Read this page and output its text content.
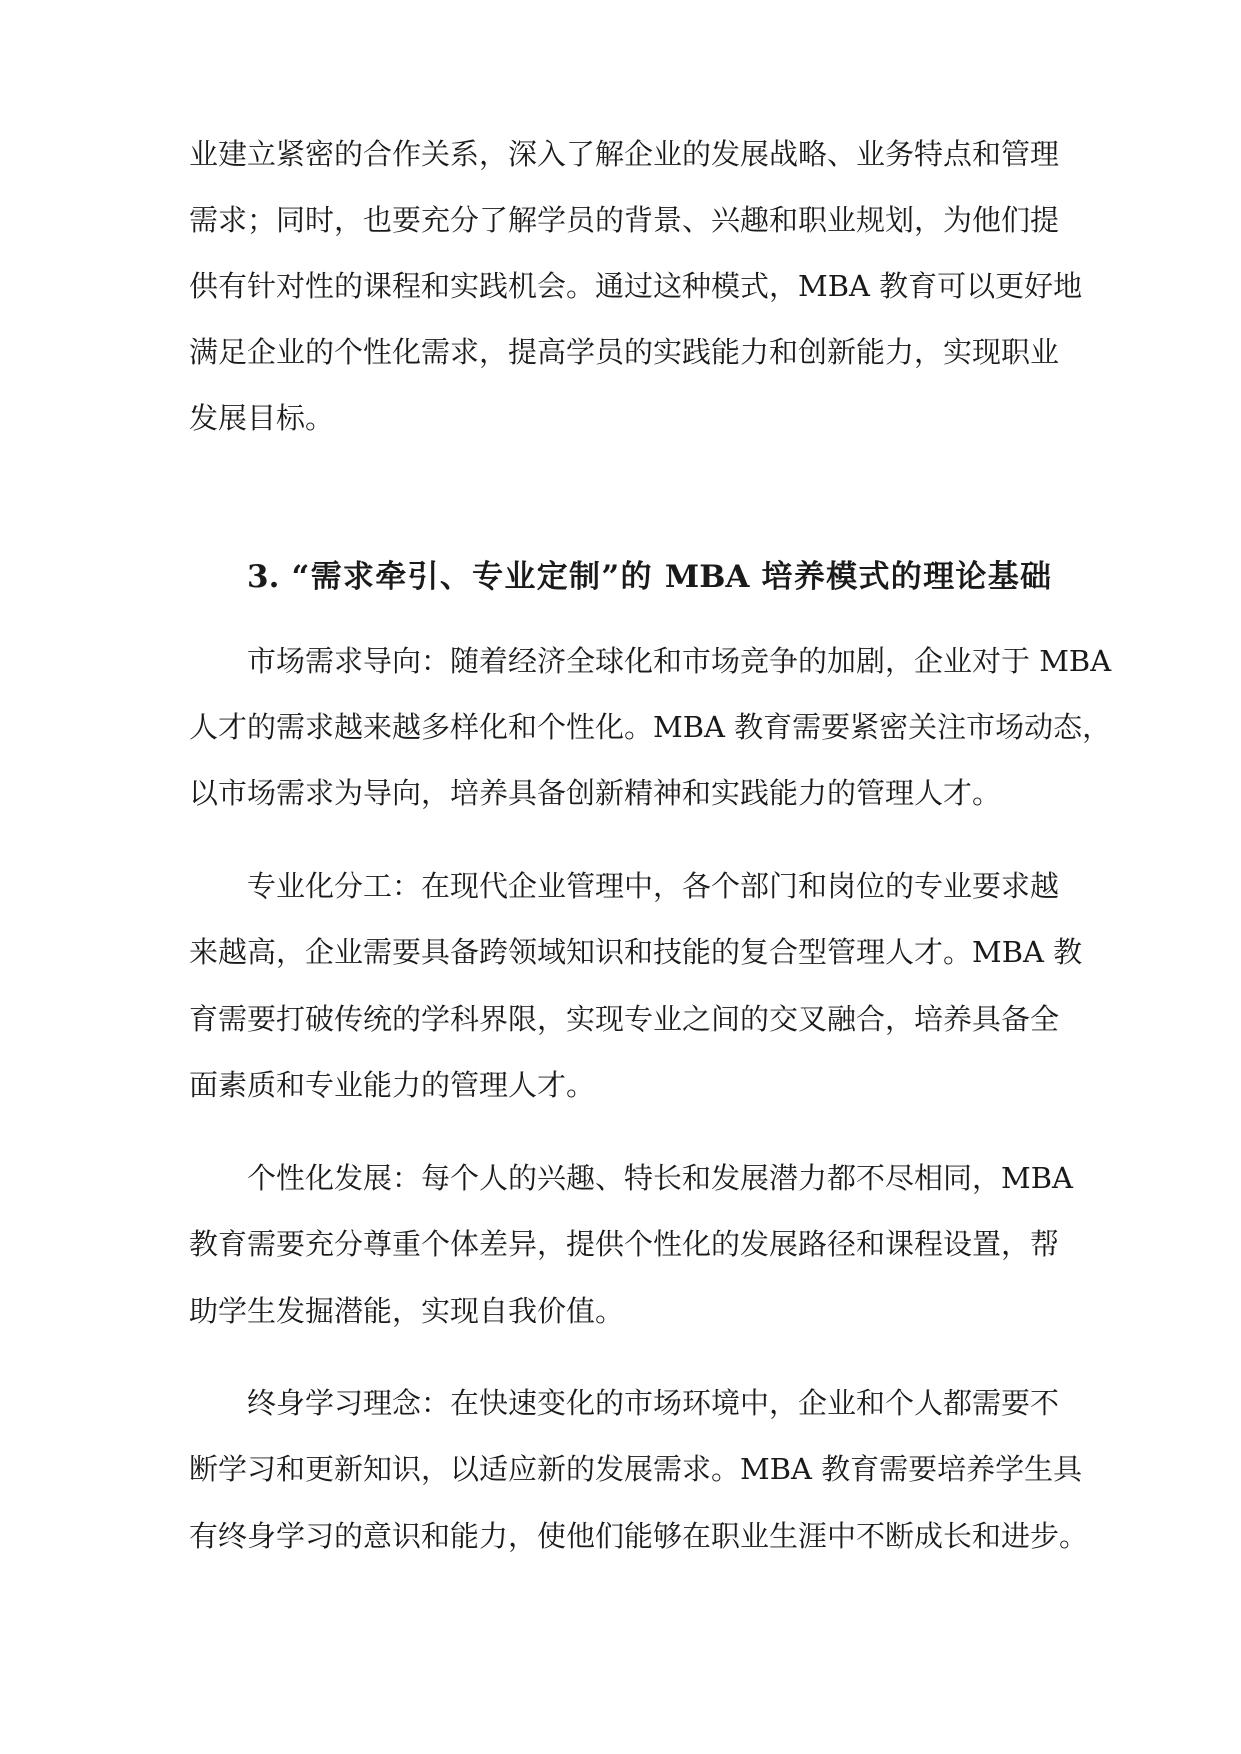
业建立紧密的合作关系，深入了解企业的发展战略、业务特点和管理
需求；同时，也要充分了解学员的背景、兴趣和职业规划，为他们提
供有针对性的课程和实践机会。通过这种模式，MBA 教育可以更好地
满足企业的个性化需求，提高学员的实践能力和创新能力，实现职业
发展目标。
3. “需求牵引、专业定制”的 MBA 培养模式的理论基础
市场需求导向：随着经济全球化和市场竞争的加剧，企业对于 MBA
人才的需求越来越多样化和个性化。MBA 教育需要紧密关注市场动态，
以市场需求为导向，培养具备创新精神和实践能力的管理人才。
专业化分工：在现代企业管理中，各个部门和岗位的专业要求越
来越高，企业需要具备跨领域知识和技能的复合型管理人才。MBA 教
育需要打破传统的学科界限，实现专业之间的交叉融合，培养具备全
面素质和专业能力的管理人才。
个性化发展：每个人的兴趣、特长和发展潜力都不尽相同，MBA
教育需要充分尊重个体差异，提供个性化的发展路径和课程设置，帮
助学生发掘潜能，实现自我价值。
终身学习理念：在快速变化的市场环境中，企业和个人都需要不
断学习和更新知识，以适应新的发展需求。MBA 教育需要培养学生具
有终身学习的意识和能力，使他们能够在职业生涯中不断成长和进步。
